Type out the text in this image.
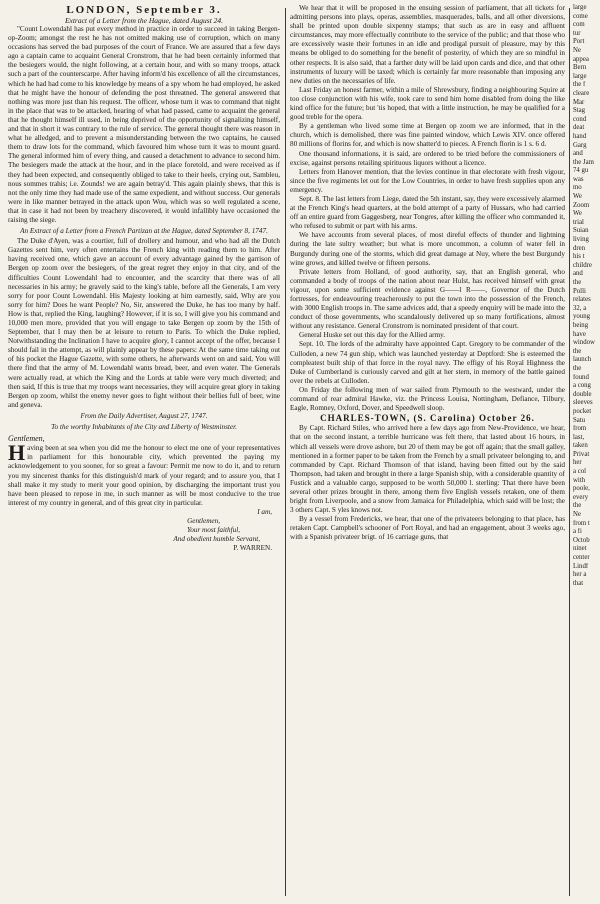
LONDON, September 3.
Extract of a Letter from the Hague, dated August 24.

"Count Lowendahl has put every method in practice in order to succeed in taking Bergen-op-Zoom; amongst the rest he has not omitted making use of corruption, which on many occasions has served the bad purposes of the court of France. We are assured that a few days ago a captain came to acquaint General Cronstrom, that he had been certainly informed that the besiegers would, the night following, at a certain hour, and with so many troops, attack such a part of the counterscarpe. After having inform'd his excellence of all the circumstances, which he had had come to his knowledge by means of a spy whom he had employed, he asked that he might have the honour of defending the post threatned. The general answered that nothing was more just than his request. The officer, whose turn it was to command that night in the place that was to be attacked, hearing of what had passed, came to acquaint the general that he thought himself ill used, in being deprived of the opportunity of signalizing himself, and that in short it was contrary to the rule of service. The general thought there was reason in what he alledged, and to prevent a misunderstanding between the two captains, he caused them to draw lots for the command, which favoured him whose turn it was to mount guard. The general informed him of every thing, and caused a detachment to advance to second him. The besiegers made the attack at the hour, and in the place foretold, and were received as if they had been expected, and consequently obliged to take to their heels, crying out, Sambleu, nous sommes trahis; i.e. Zounds! we are again betray'd. This again plainly shews, that this is not the only time they had made use of the same expedient, and without success. Our generals were in like manner betrayed in the attack upon Wou, which was so well regulated a scene, that in case it had not been by treachery discovered, it would infallibly have occasioned the raising the siege.

An Extract of a Letter from a French Partizan at the Hague, dated September 8, 1747.

The Duke d'Ayen, was a courtier, full of drollery and humour, and who had all the Dutch Gazettes sent him, very often entertains the French king with reading them to him. After having received one, which gave an account of every advantage gained by the garrison of Bergen op zoom over the besiegers, of the great regret they enjoy in that city, and of the difficulties Count Lowendahl had to encounter, and the scarcity that there was of all necessaries in his army; he gravely said to the king's table, before all the Generals, I am very sorry for poor Count Lowendahl. His Majesty looking at him earnestly, said, Why are you sorry for him? Does he want People? No, Sir, answered the Duke, he has too many by half. How is that, replied the King, laughing? However, if it is so, I will give you his command and 10,000 men more, provided that you will engage to take Bergen op zoom by the 15th of September, that I may then be at leisure to return to Paris. To which the Duke replied, Notwithstanding the Inclination I have to acquire glory, I cannot accept of the offer, because I should fail in the attempt, as will plainly appear by these papers: At the same time taking out of his pocket the Hague Gazette, with some others, he afterwards went on and said, You will there find that the army of M. Lowendahl wants bread, beer, and even water. The Generals were actually read, at which the King and the Lords at table were very much diverted; and then said, If this is true that my troops want necessaries, they will acquire great glory in taking Bergen op zoom, whilst the enemy never goes to fight without their bellies full of beer, wine and geneva.

From the Daily Advertiser, August 27, 1747.
To the worthy Inhabitants of the City and Liberty of Westminster.
Gentlemen,

Having been at sea when you did me the honour to elect me one of your representatives in parliament for this honourable city, which prevented the paying my acknowledgement to you sooner, for so great a favour: Permit me now to do it, and to return you my sincerest thanks for this distinguish'd mark of your regard; and to assure you, that I shall make it my study to merit your good opinion, by discharging the important trust you have been pleased to repose in me, in such manner as will be most conducive to the true interest of my country in general, and of this great city in particular.

I am,
Gentlemen,
Your most faithful,
And obedient humble Servant,
P. WARREN.

We hear that it will be proposed in the ensuing session of parliament, that all tickets for admitting persons into plays, operas, assemblies, masquerades, balls, and all other diversions, shall be printed upon double sixpenny stamps; that such as are in easy and affluent circumstances, may more effectually contribute to the service of the public; and that those who are excessively waste their fortunes in an idle and prodigal pursuit of pleasure, may by this means be obliged to do something for the benefit of posterity, of which they are so mindful in other respects. It is also said, that a farther duty will be laid upon cards and dice, and that other instruments of luxury will be taxed; which is certainly far more reasonable than imposing any new duties on the necessaries of life.

Last Friday an honest farmer, within a mile of Shrewsbury, finding a neighbouring Squire at too close conjunction with his wife, took care to send him home disabled from doing the like kind office for the future; but 'tis hoped, that with a little instruction, he may be qualified for a good treble for the opera.

By a gentleman who lived some time at Bergen op zoom we are informed, that in the church, which is demolished, there was fine painted window, which Lewis XIV. once offered 80 millions of florins for, and which is now shatter'd to pieces. A French florin is 1 s. 6 d.

One thousand informations, it is said, are ordered to be tried before the commissioners of excise, against persons retailing spirituous liquors without a licence.

Letters from Hanover mention, that the levies continue in that electorate with fresh vigour, since the five regiments let out for the Low Countries, in order to have fresh supplies upon any emergency.

Sept. 8. The last letters from Liege, dated the 5th instant, say, they were excessively alarmed at the French King's head quarters, at the bold attempt of a party of Hussars, who had carried off an entire guard from Gaggesberg, near Tongres, after killing the officer who commanded it, who refused to submit or part with his arms.

We have accounts from several places, of most direful effects of thunder and lightning during the late sultry weather; but what is more uncommon, a column of water fell in Burgundy during one of the storms, which did great damage at Nuy, where the best Burgundy wine grows, and killed twelve or fifteen persons.

Private letters from Holland, of good authority, say, that an English general, who commanded a body of troops of the nation about near Hulst, has received himself with great vigour, upon some sufficient evidence against G——l R——, Governor of the Dutch fortresses, for endeavouring treacherously to put the town into the possession of the French, with 3000 English troops in. The same advices add, that a speedy enquiry will be made into the conduct of those governments, who scandalously delivered up so many fortifications, almost without any resistance. General Cronstrom is nominated president of that court.

General Huske set out this day for the Allied army.

Sept. 10. The lords of the admiralty have appointed Capt. Gregory to be commander of the Culloden, a new 74 gun ship, which was launched yesterday at Deptford: She is esteemed the compleatest built ship of that force in the royal navy. The effigy of his Royal Highness the Duke of Cumberland is curiously carved and gilt at her stern, in memory of the battle gained over the rebels at Culloden.

On Friday the following men of war sailed from Plymouth to the westward, under the command of rear admiral Hawke, viz. the Princess Louisa, Nottingham, Defiance, Tilbury, Eagle, Romney, Oxford, Dover, and Speedwell sloop.

CHARLES-TOWN, (S. Carolina) October 26.

By Capt. Richard Stiles, who arrived here a few days ago from New-Providence, we hear, that on the second instant, a terrible hurricane was felt there, that lasted about 16 hours, in which all vessels were drove ashore, but 20 of them may be got off again; that the small galley, mentioned in a former paper to be taken from the French by a small privateer belonging to, and commanded by Capt. Richard Thomson of that island, having been fitted out by the said Thompson, had taken and brought in there a large Spanish ship, with a considerable quantity of Fustick and a valuable cargo, supposed to be worth 50,000 l. sterling: That there have been several other prizes brought in there, among them five English vessels retaken, one of them bright from Liverpoole, and a snow from Jamaica for Philadelphia, which said will be lost; the 3 others Capt. S yles knows not.

By a vessel from Fredericks, we hear, that one of the privateers belonging to that place, has retaken Capt. Campbell's schooner of Port Royal, and had an engagement, about 3 weeks ago, with a Spanish privateer brigt. of 16 carriage guns, that

large
come
com
tur
Port
Ne
appea
Bern
large
the f
cleare
Mar
Stag
cond
deat
hand
Garg
and
the Jam
74 gu
was
mo
We
Zoom
We
trial
Suian
living
dren
his t
childre
and
the
Polli
relates
32, a
young
being
have
window
the
launch
the
found
a cong
double
sleeves
pocket
Satu
from
last,
taken
Privat
her
a col
with
poole,
every
the
Ne
from t
a fi
Octob
ninet
center
Lindf
her a
that
